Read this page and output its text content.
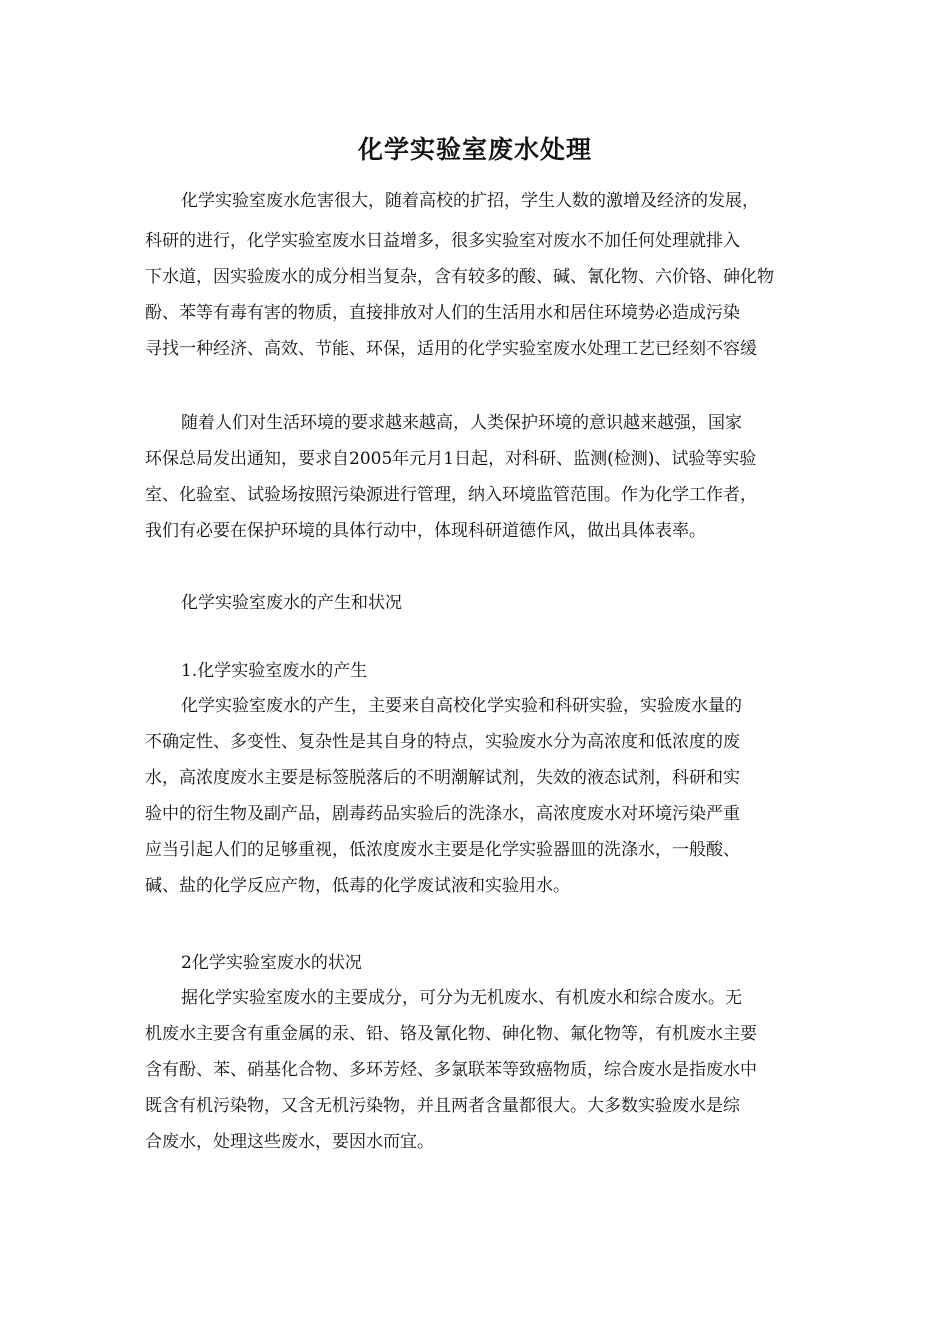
化学实验室废水处理
化学实验室废水危害很大，随着高校的扩招，学生人数的激增及经济的发展，
科研的进行，化学实验室废水日益增多，很多实验室对废水不加任何处理就排入
下水道，因实验废水的成分相当复杂，含有较多的酸、碱、氰化物、六价铬、砷化物
酚、苯等有毒有害的物质，直接排放对人们的生活用水和居住环境势必造成污染
寻找一种经济、高效、节能、环保，适用的化学实验室废水处理工艺已经刻不容缓
随着人们对生活环境的要求越来越高，人类保护环境的意识越来越强，国家
环保总局发出通知，要求自2005年元月1日起，对科研、监测(检测)、试验等实验
室、化验室、试验场按照污染源进行管理，纳入环境监管范围。作为化学工作者，
我们有必要在保护环境的具体行动中，体现科研道德作风，做出具体表率。
化学实验室废水的产生和状况
1.化学实验室废水的产生
化学实验室废水的产生，主要来自高校化学实验和科研实验，实验废水量的
不确定性、多变性、复杂性是其自身的特点，实验废水分为高浓度和低浓度的废
水，高浓度废水主要是标签脱落后的不明潮解试剂，失效的液态试剂，科研和实
验中的衍生物及副产品，剧毒药品实验后的洗涤水，高浓度废水对环境污染严重
应当引起人们的足够重视，低浓度废水主要是化学实验器皿的洗涤水，一般酸、
碱、盐的化学反应产物，低毒的化学废试液和实验用水。
2化学实验室废水的状况
据化学实验室废水的主要成分，可分为无机废水、有机废水和综合废水。无
机废水主要含有重金属的汞、铅、铬及氰化物、砷化物、氟化物等，有机废水主要
含有酚、苯、硝基化合物、多环芳烃、多氯联苯等致癌物质，综合废水是指废水中
既含有机污染物，又含无机污染物，并且两者含量都很大。大多数实验废水是综
合废水，处理这些废水，要因水而宜。
